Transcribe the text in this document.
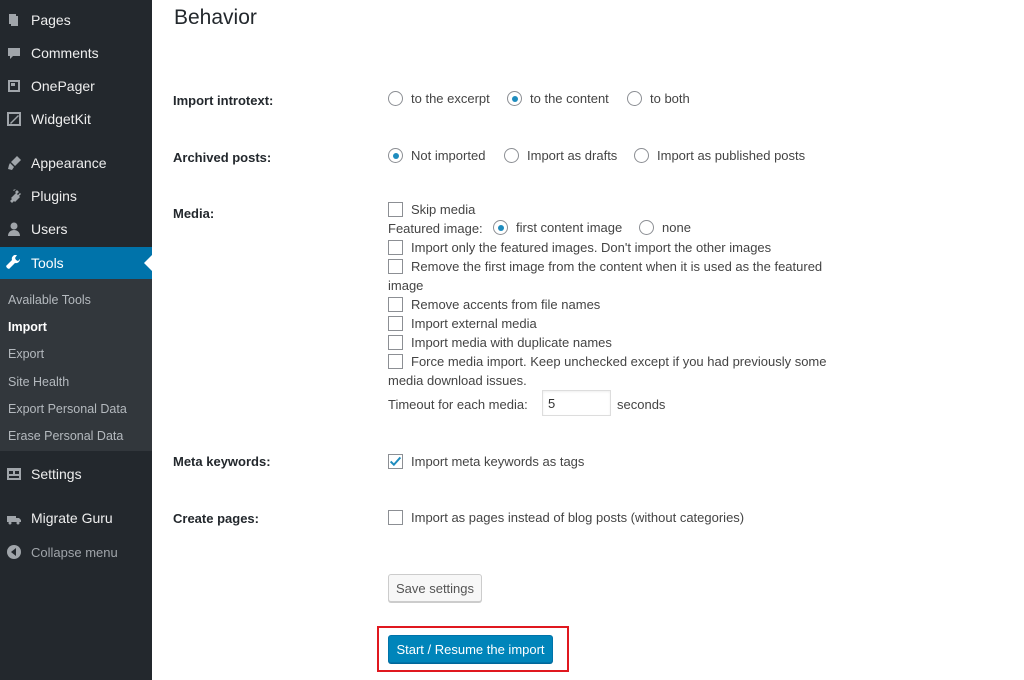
Pages
Comments
OnePager
WidgetKit
Appearance
Plugins
Users
Tools
Available Tools
Import
Export
Site Health
Export Personal Data
Erase Personal Data
Settings
Migrate Guru
Collapse menu
Behavior
Import introtext:	to the excerpt	to the content	to both
Archived posts:	Not imported	Import as drafts	Import as published posts
Media:	Skip media
Featured image:	first content image	none
Import only the featured images. Don't import the other images
Remove the first image from the content when it is used as the featured
image
Remove accents from file names
Import external media
Import media with duplicate names
Force media import. Keep unchecked except if you had previously some
media download issues.
Timeout for each media:	5	seconds
Meta keywords:	Import meta keywords as tags
Create pages:	Import as pages instead of blog posts (without categories)
Save settings
Start / Resume the import
